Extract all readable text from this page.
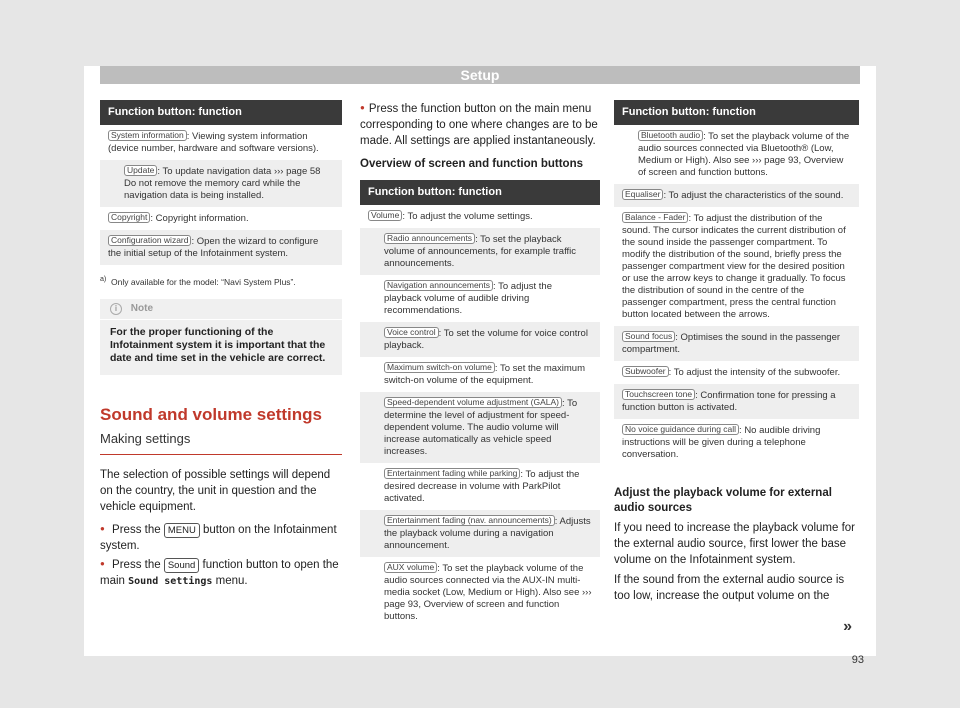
Setup
Function button: function
System information : Viewing system information (device number, hardware and software versions).
Update : To update navigation data ››› page 58 Do not remove the memory card while the navigation data is being installed.
Copyright : Copyright information.
Configuration wizard : Open the wizard to configure the initial setup of the Infotainment system.
$^{a)}$ Only available for the model: “Navi System Plus”.
i Note
For the proper functioning of the Infotainment system it is important that the date and time set in the vehicle are correct.
Sound and volume settings
Making settings
The selection of possible settings will depend on the country, the unit in question and the vehicle equipment.
● Press the MENU button on the Infotainment system.
● Press the Sound function button to open the main Sound settings menu.
● Press the function button on the main menu corresponding to one where changes are to be made. All settings are applied instantaneously.
Overview of screen and function buttons
Function button: function
Volume : To adjust the volume settings.
Radio announcements : To set the playback volume of announcements, for example traffic announcements.
Navigation announcements : To adjust the playback volume of audible driving recommendations.
Voice control : To set the volume for voice control playback.
Maximum switch-on volume : To set the maximum switch-on volume of the equipment.
Speed-dependent volume adjustment (GALA) : To determine the level of adjustment for speed-dependent volume. The audio volume will increase automatically as vehicle speed increases.
Entertainment fading while parking : To adjust the desired decrease in volume with ParkPilot activated.
Entertainment fading (nav. announcements) : Adjusts the playback volume during a navigation announcement.
AUX volume : To set the playback volume of the audio sources connected via the AUX-IN multi-media socket (Low, Medium or High). Also see ››› page 93, Overview of screen and function buttons.
Function button: function
Bluetooth audio : To set the playback volume of the audio sources connected via Bluetooth® (Low, Medium or High). Also see ››› page 93, Overview of screen and function buttons.
Equaliser : To adjust the characteristics of the sound.
Balance - Fader : To adjust the distribution of the sound. The cursor indicates the current distribution of the sound inside the passenger compartment. To modify the distribution of the sound, briefly press the passenger compartment view for the desired position or use the arrow keys to change it gradually. To focus the distribution of sound in the centre of the passenger compartment, press the central function button located between the arrows.
Sound focus : Optimises the sound in the passenger compartment.
Subwoofer : To adjust the intensity of the subwoofer.
Touchscreen tone : Confirmation tone for pressing a function button is activated.
No voice guidance during call : No audible driving instructions will be given during a telephone conversation.
Adjust the playback volume for external audio sources
If you need to increase the playback volume for the external audio source, first lower the base volume on the Infotainment system.
If the sound from the external audio source is too low, increase the output volume on the
»
93
